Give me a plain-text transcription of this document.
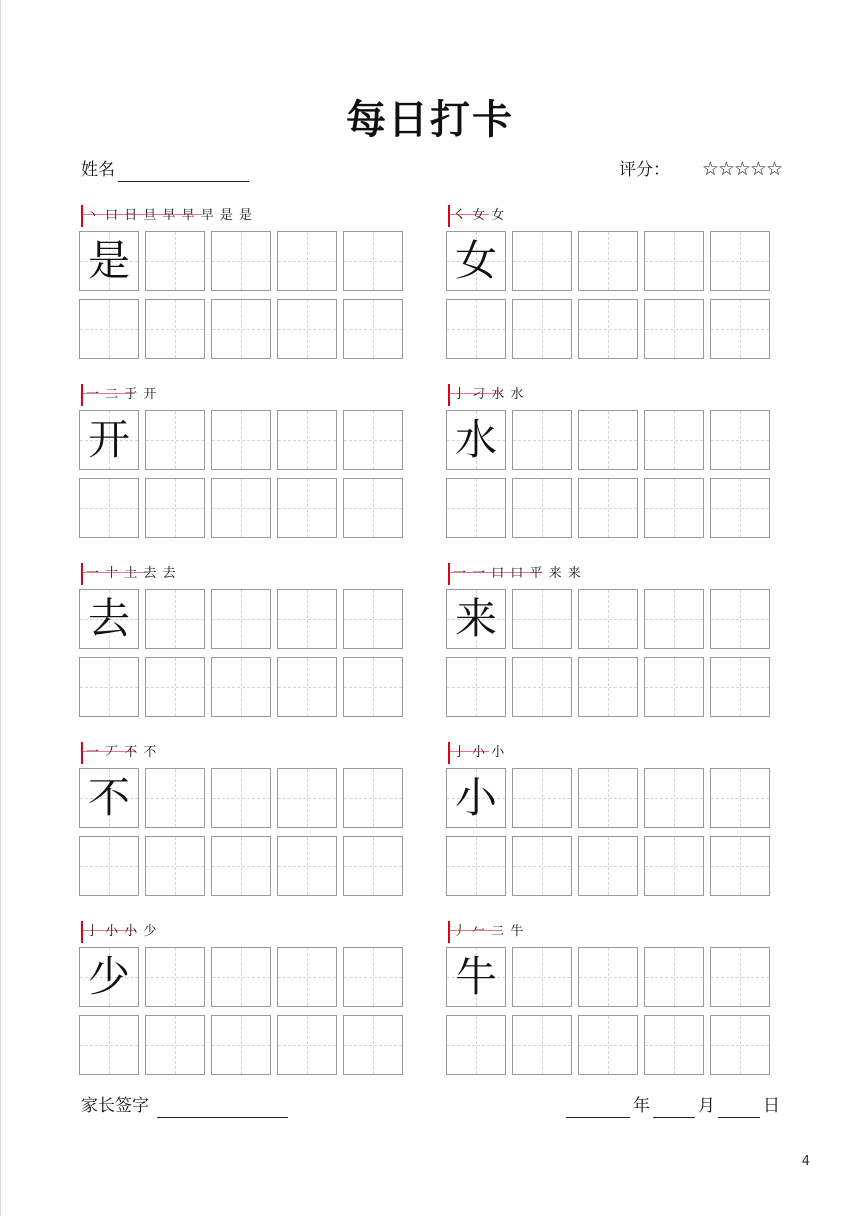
每日打卡
姓名	评分： ☆☆☆☆☆
丶 口 日 旦 早 早 早 是 是
是
㇛ 女 女
女
一 二 于 开
开
亅 刁 水 水
水
一 十 土 去 去
去
一 一 口 口 平 来 来
来
一 丆 不 不
不
亅 小 小
小
亅 小 小 少
少
丿 𠂉 二 牛
牛
家长签字	年	月	日
4
